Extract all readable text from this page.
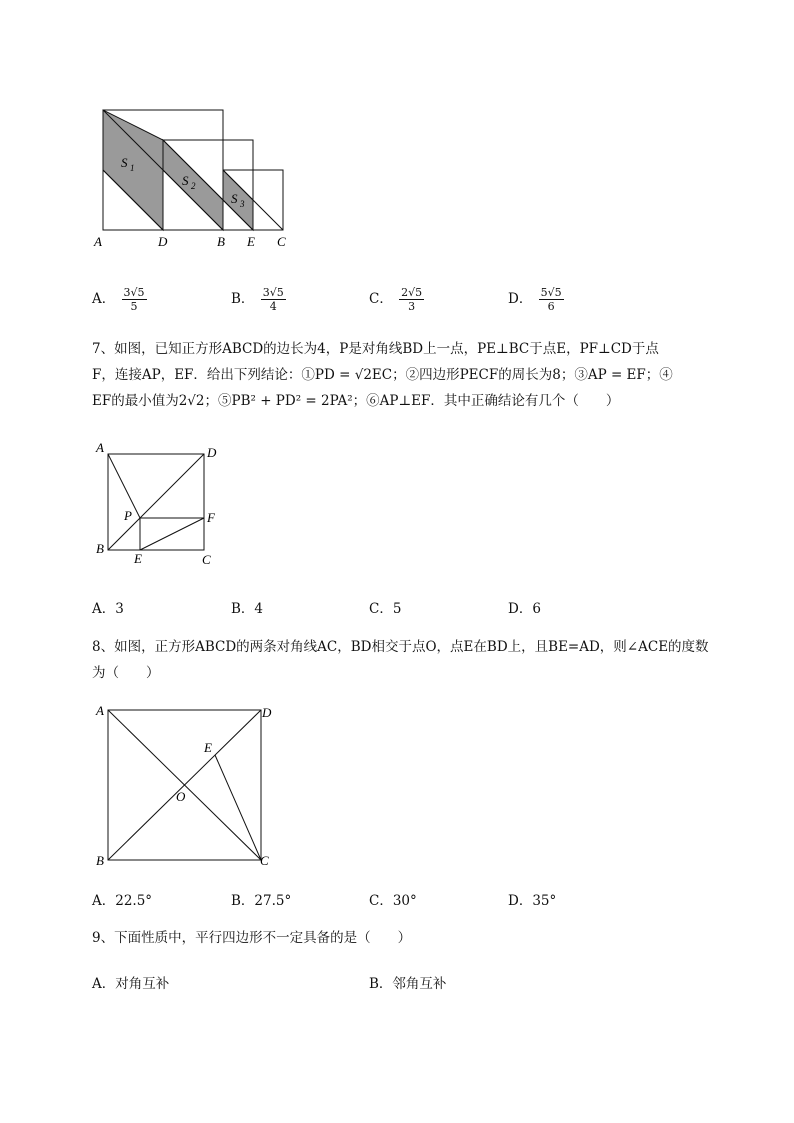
A	D	B E C
S 1
S 2
S 3
A． $\frac{3√5}{5}$	B． $\frac{3√5}{4}$	C． $\frac{2√5}{3}$	D． $\frac{5√5}{6}$
7、如图，已知正方形ABCD的边长为4，P是对角线BD上一点，PE⊥BC于点E，PF⊥CD于点
F，连接AP，EF．给出下列结论：①PD = √2EC；②四边形PECF的周长为8；③AP = EF；④
EF的最小值为2√2；⑤PB² + PD² = 2PA²；⑥AP⊥EF．其中正确结论有几个（　　）
A	D
P	F
B
E	C
A．3	B．4	C．5	D．6
8、如图，正方形ABCD的两条对角线AC，BD相交于点O，点E在BD上，且BE=AD，则∠ACE的度数
为（　　）
A	D
E
O
B	C
A．22.5°	B．27.5°	C．30°	D．35°
9、下面性质中，平行四边形不一定具备的是（　　）
A．对角互补	B．邻角互补
